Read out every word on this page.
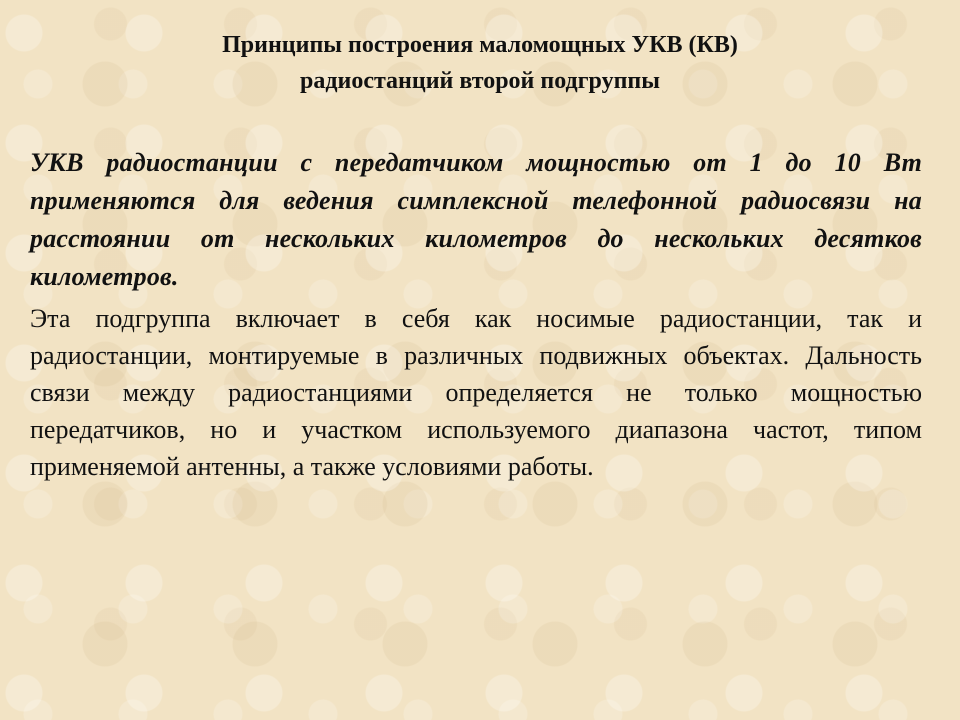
Принципы построения маломощных УКВ (КВ)
радиостанций второй подгруппы
УКВ радиостанции с передатчиком мощностью от 1 до 10 Вт применяются для ведения симплексной телефонной радиосвязи на расстоянии от нескольких километров до нескольких десятков километров.
Эта подгруппа включает в себя как носимые радиостанции, так и радиостанции, монтируемые в различных подвижных объектах. Дальность связи между радиостанциями определяется не только мощностью передатчиков, но и участком используемого диапазона частот, типом применяемой антенны, а также условиями работы.
